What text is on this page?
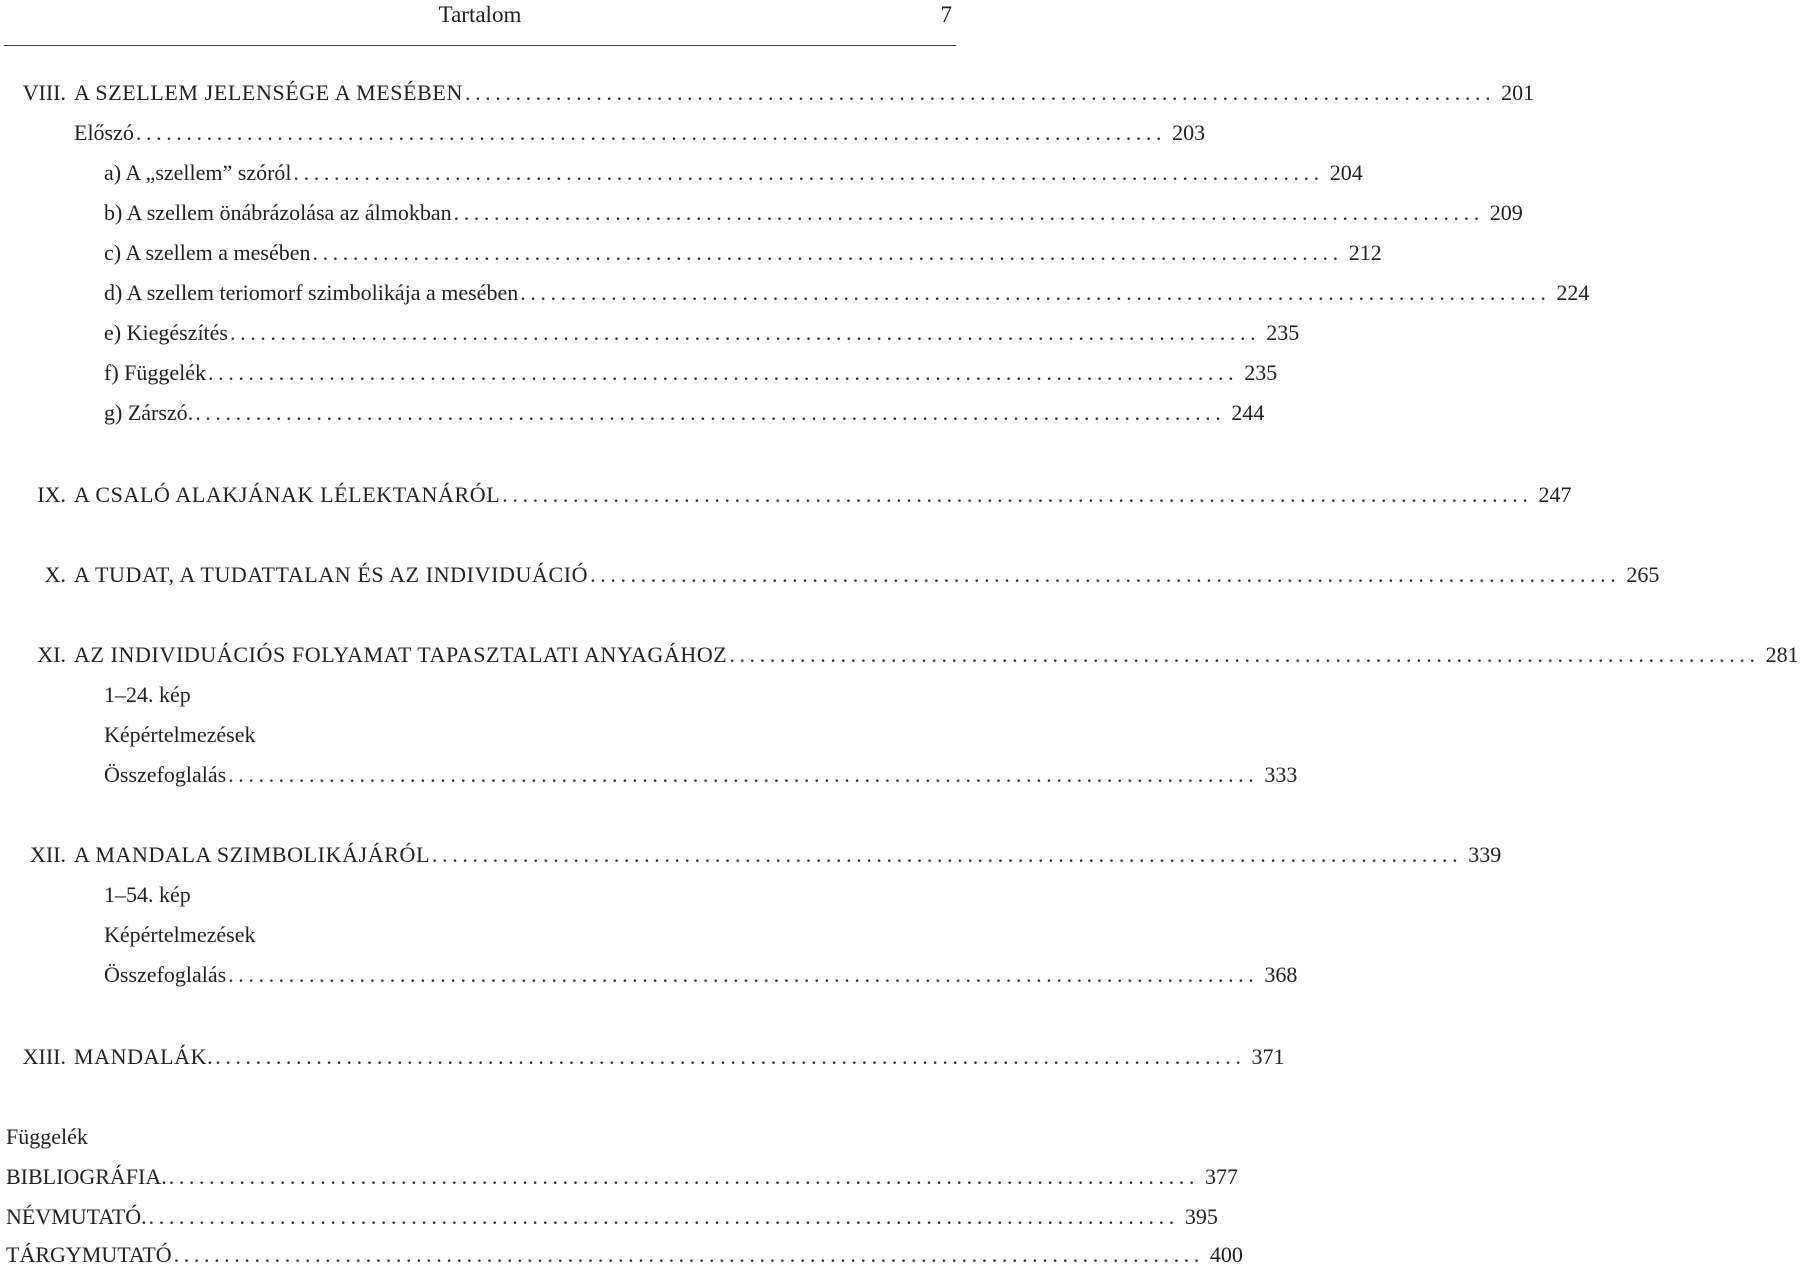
Tartalom	7
VIII. A SZELLEM JELENSÉGE A MESÉBEN ...................................................................................................... 201
Előszó ...................................................................................................... 203
a) A „szellem” szóról ...................................................................................................... 204
b) A szellem önábrázolása az álmokban ...................................................................................................... 209
c) A szellem a mesében ...................................................................................................... 212
d) A szellem teriomorf szimbolikája a mesében ...................................................................................................... 224
e) Kiegészítés ...................................................................................................... 235
f) Függelék ...................................................................................................... 235
g) Zárszó. ...................................................................................................... 244
IX. A CSALÓ ALAKJÁNAK LÉLEKTANÁRÓL ...................................................................................................... 247
X. A TUDAT, A TUDATTALAN ÉS AZ INDIVIDUÁCIÓ ...................................................................................................... 265
XI. AZ INDIVIDUÁCIÓS FOLYAMAT TAPASZTALATI ANYAGÁHOZ ...................................................................................................... 281
1–24. kép
Képértelmezések
Összefoglalás ...................................................................................................... 333
XII. A MANDALA SZIMBOLIKÁJÁRÓL ...................................................................................................... 339
1–54. kép
Képértelmezések
Összefoglalás ...................................................................................................... 368
XIII. MANDALÁK. ...................................................................................................... 371
Függelék
BIBLIOGRÁFIA. ...................................................................................................... 377
NÉVMUTATÓ. ...................................................................................................... 395
TÁRGYMUTATÓ ...................................................................................................... 400
